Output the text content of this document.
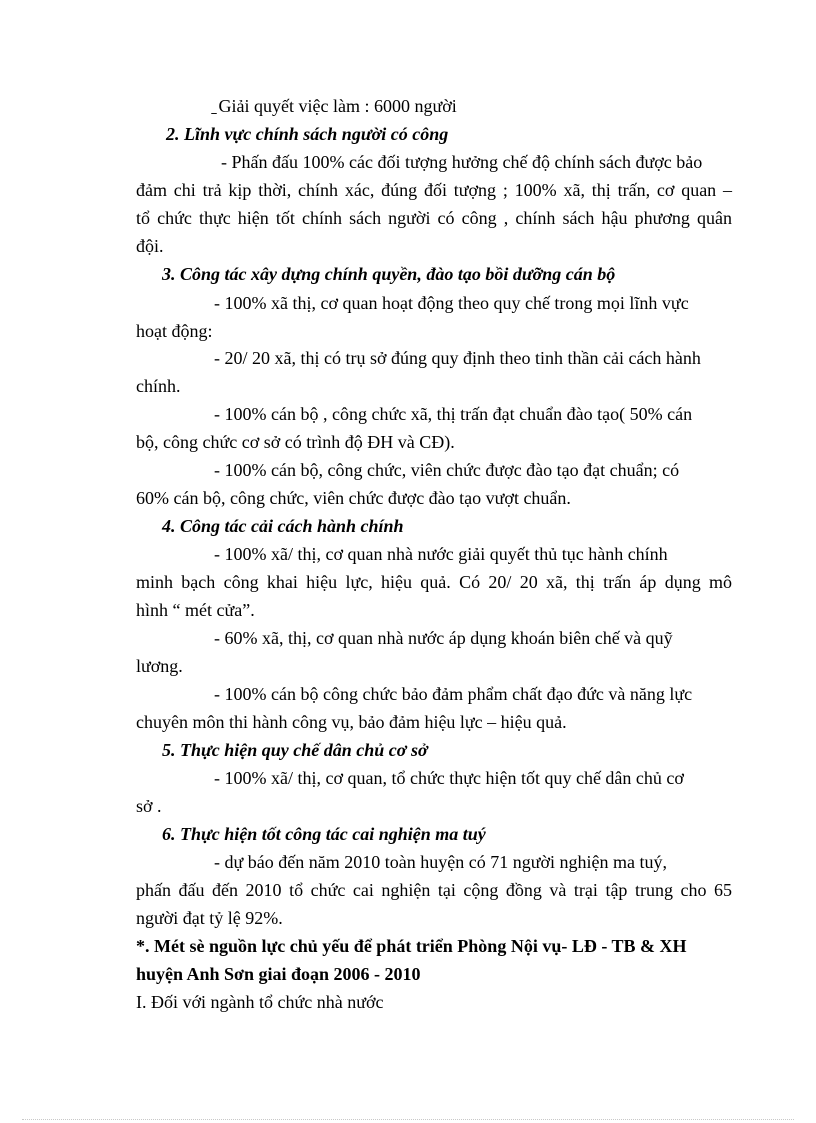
̱ Giải quyết việc làm : 6000 người

2. Lĩnh vực chính sách người có công

- Phấn đấu 100% các đối tượng hưởng chế độ chính sách được bảo

đảm chi trả kịp thời, chính xác, đúng đối tượng ; 100% xã, thị trấn, cơ quan –

tổ chức thực hiện tốt chính sách người có công , chính sách hậu phương quân

đội.

3. Công tác xây dựng chính quyền, đào tạo bồi dưỡng cán bộ

- 100% xã thị, cơ quan hoạt động theo quy chế trong mọi lĩnh vực

hoạt động:

- 20/ 20 xã, thị có trụ sở đúng quy định theo tinh thần cải cách hành

chính.

- 100% cán bộ , công chức xã, thị trấn đạt chuẩn đào tạo( 50% cán

bộ, công chức cơ sở có trình độ ĐH và CĐ).

- 100% cán bộ, công chức, viên chức được đào tạo đạt chuẩn; có

60% cán bộ, công chức, viên chức được đào tạo vượt chuẩn.

4. Công tác cải cách hành chính

- 100% xã/ thị, cơ quan nhà nước giải quyết thủ tục hành chính

minh bạch công khai hiệu lực, hiệu quả. Có 20/ 20 xã, thị trấn áp dụng mô

hình “ mét cửa”.

- 60% xã, thị, cơ quan nhà nước áp dụng khoán biên chế và quỹ

lương.

- 100% cán bộ công chức bảo đảm phẩm chất đạo đức và năng lực

chuyên môn thi hành công vụ, bảo đảm hiệu lực – hiệu quả.

5. Thực hiện quy chế dân chủ cơ sở

- 100% xã/ thị, cơ quan, tổ chức thực hiện tốt quy chế dân chủ cơ

sở .

6. Thực hiện tốt công tác cai nghiện ma tuý

- dự báo đến năm 2010 toàn huyện có 71 người nghiện ma tuý,

phấn đấu đến 2010 tổ chức cai nghiện tại cộng đồng và trại tập trung cho 65

người đạt tỷ lệ 92%.

*. Mét sè nguồn lực chủ yếu để phát triển Phòng Nội vụ- LĐ - TB & XH

huyện Anh Sơn giai đoạn 2006 - 2010

I. Đối với ngành tổ chức nhà nước
